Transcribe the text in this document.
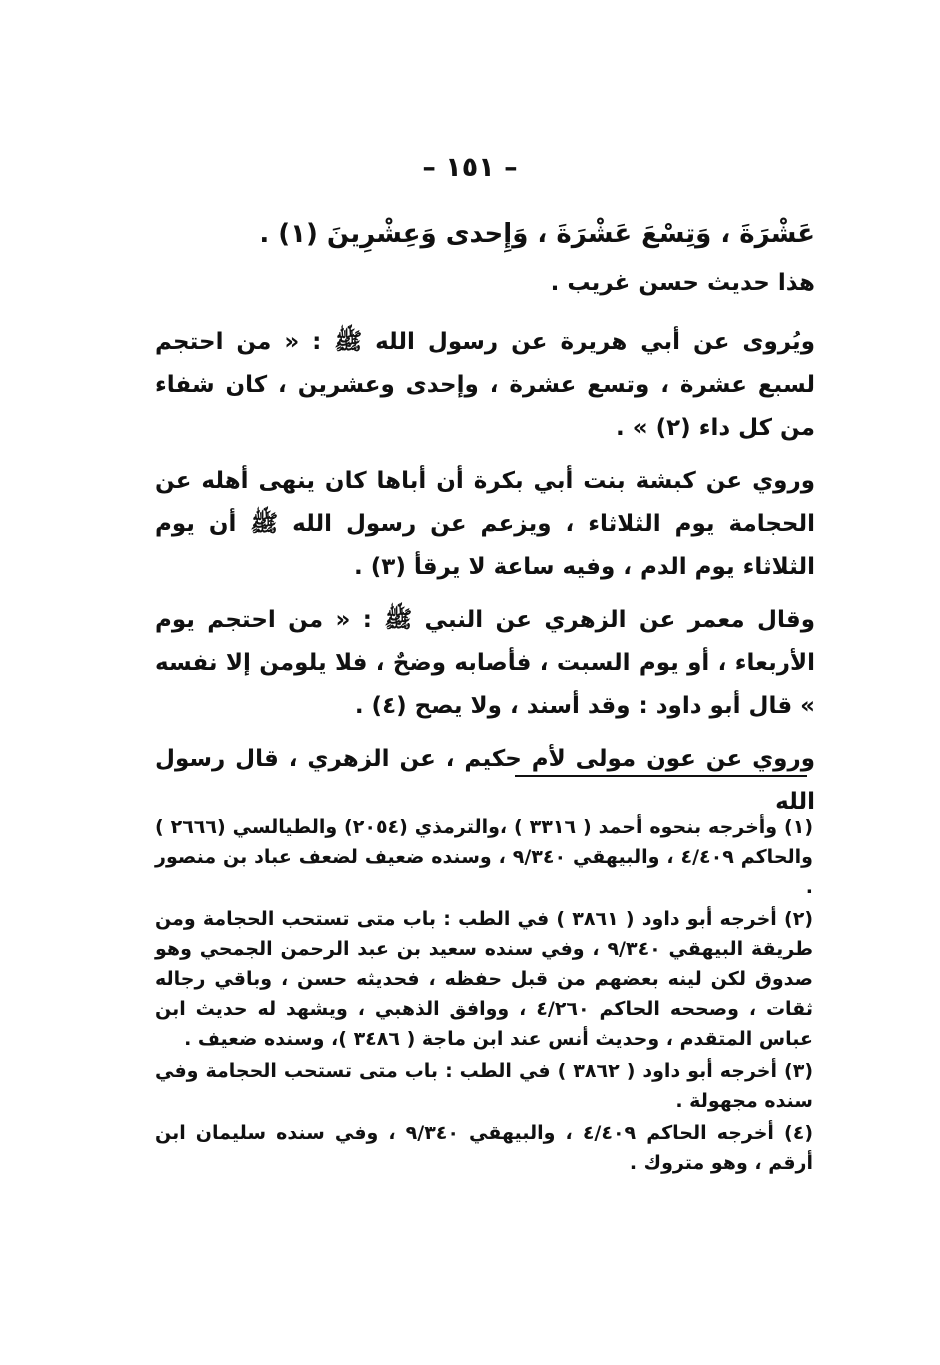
– ١٥١ –

عَشْرَةَ ، وَتِسْعَ عَشْرَةَ ، وَإِحدى وَعِشْرِينَ (١) .

هذا حديث حسن غريب .

ويُروى عن أبي هريرة عن رسول الله ﷺ : « من احتجم لسبع عشرة ، وتسع عشرة ، وإحدى وعشرين ، كان شفاء من كل داء (٢) » .

وروي عن كبشة بنت أبي بكرة أن أباها كان ينهى أهله عن الحجامة يوم الثلاثاء ، ويزعم عن رسول الله ﷺ أن يوم الثلاثاء يوم الدم ، وفيه ساعة لا يرقأ (٣) .

وقال معمر عن الزهري عن النبي ﷺ : « من احتجم يوم الأربعاء ، أو يوم السبت ، فأصابه وضحٌ ، فلا يلومن إلا نفسه » قال أبو داود : وقد أسند ، ولا يصح (٤) .

وروي عن عون مولى لأم حكيم ، عن الزهري ، قال رسول الله

(١) وأخرجه بنحوه أحمد ( ٣٣١٦ ) ،والترمذي (٢٠٥٤) والطيالسي (٢٦٦٦ ) والحاكم ٤/٤٠٩ ، والبيهقي ٩/٣٤٠ ، وسنده ضعيف لضعف عباد بن منصور .

(٢) أخرجه أبو داود ( ٣٨٦١ ) في الطب : باب متى تستحب الحجامة ومن طريقة البيهقي ٩/٣٤٠ ، وفي سنده سعيد بن عبد الرحمن الجمحي وهو صدوق لكن لينه بعضهم من قبل حفظه ، فحديثه حسن ، وباقي رجاله ثقات ، وصححه الحاكم ٤/٢٦٠ ، ووافق الذهبي ، ويشهد له حديث ابن عباس المتقدم ، وحديث أنس عند ابن ماجة ( ٣٤٨٦ )، وسنده ضعيف .

(٣) أخرجه أبو داود ( ٣٨٦٢ ) في الطب : باب متى تستحب الحجامة وفي سنده مجهولة .

(٤) أخرجه الحاكم ٤/٤٠٩ ، والبيهقي ٩/٣٤٠ ، وفي سنده سليمان ابن أرقم ، وهو متروك .
